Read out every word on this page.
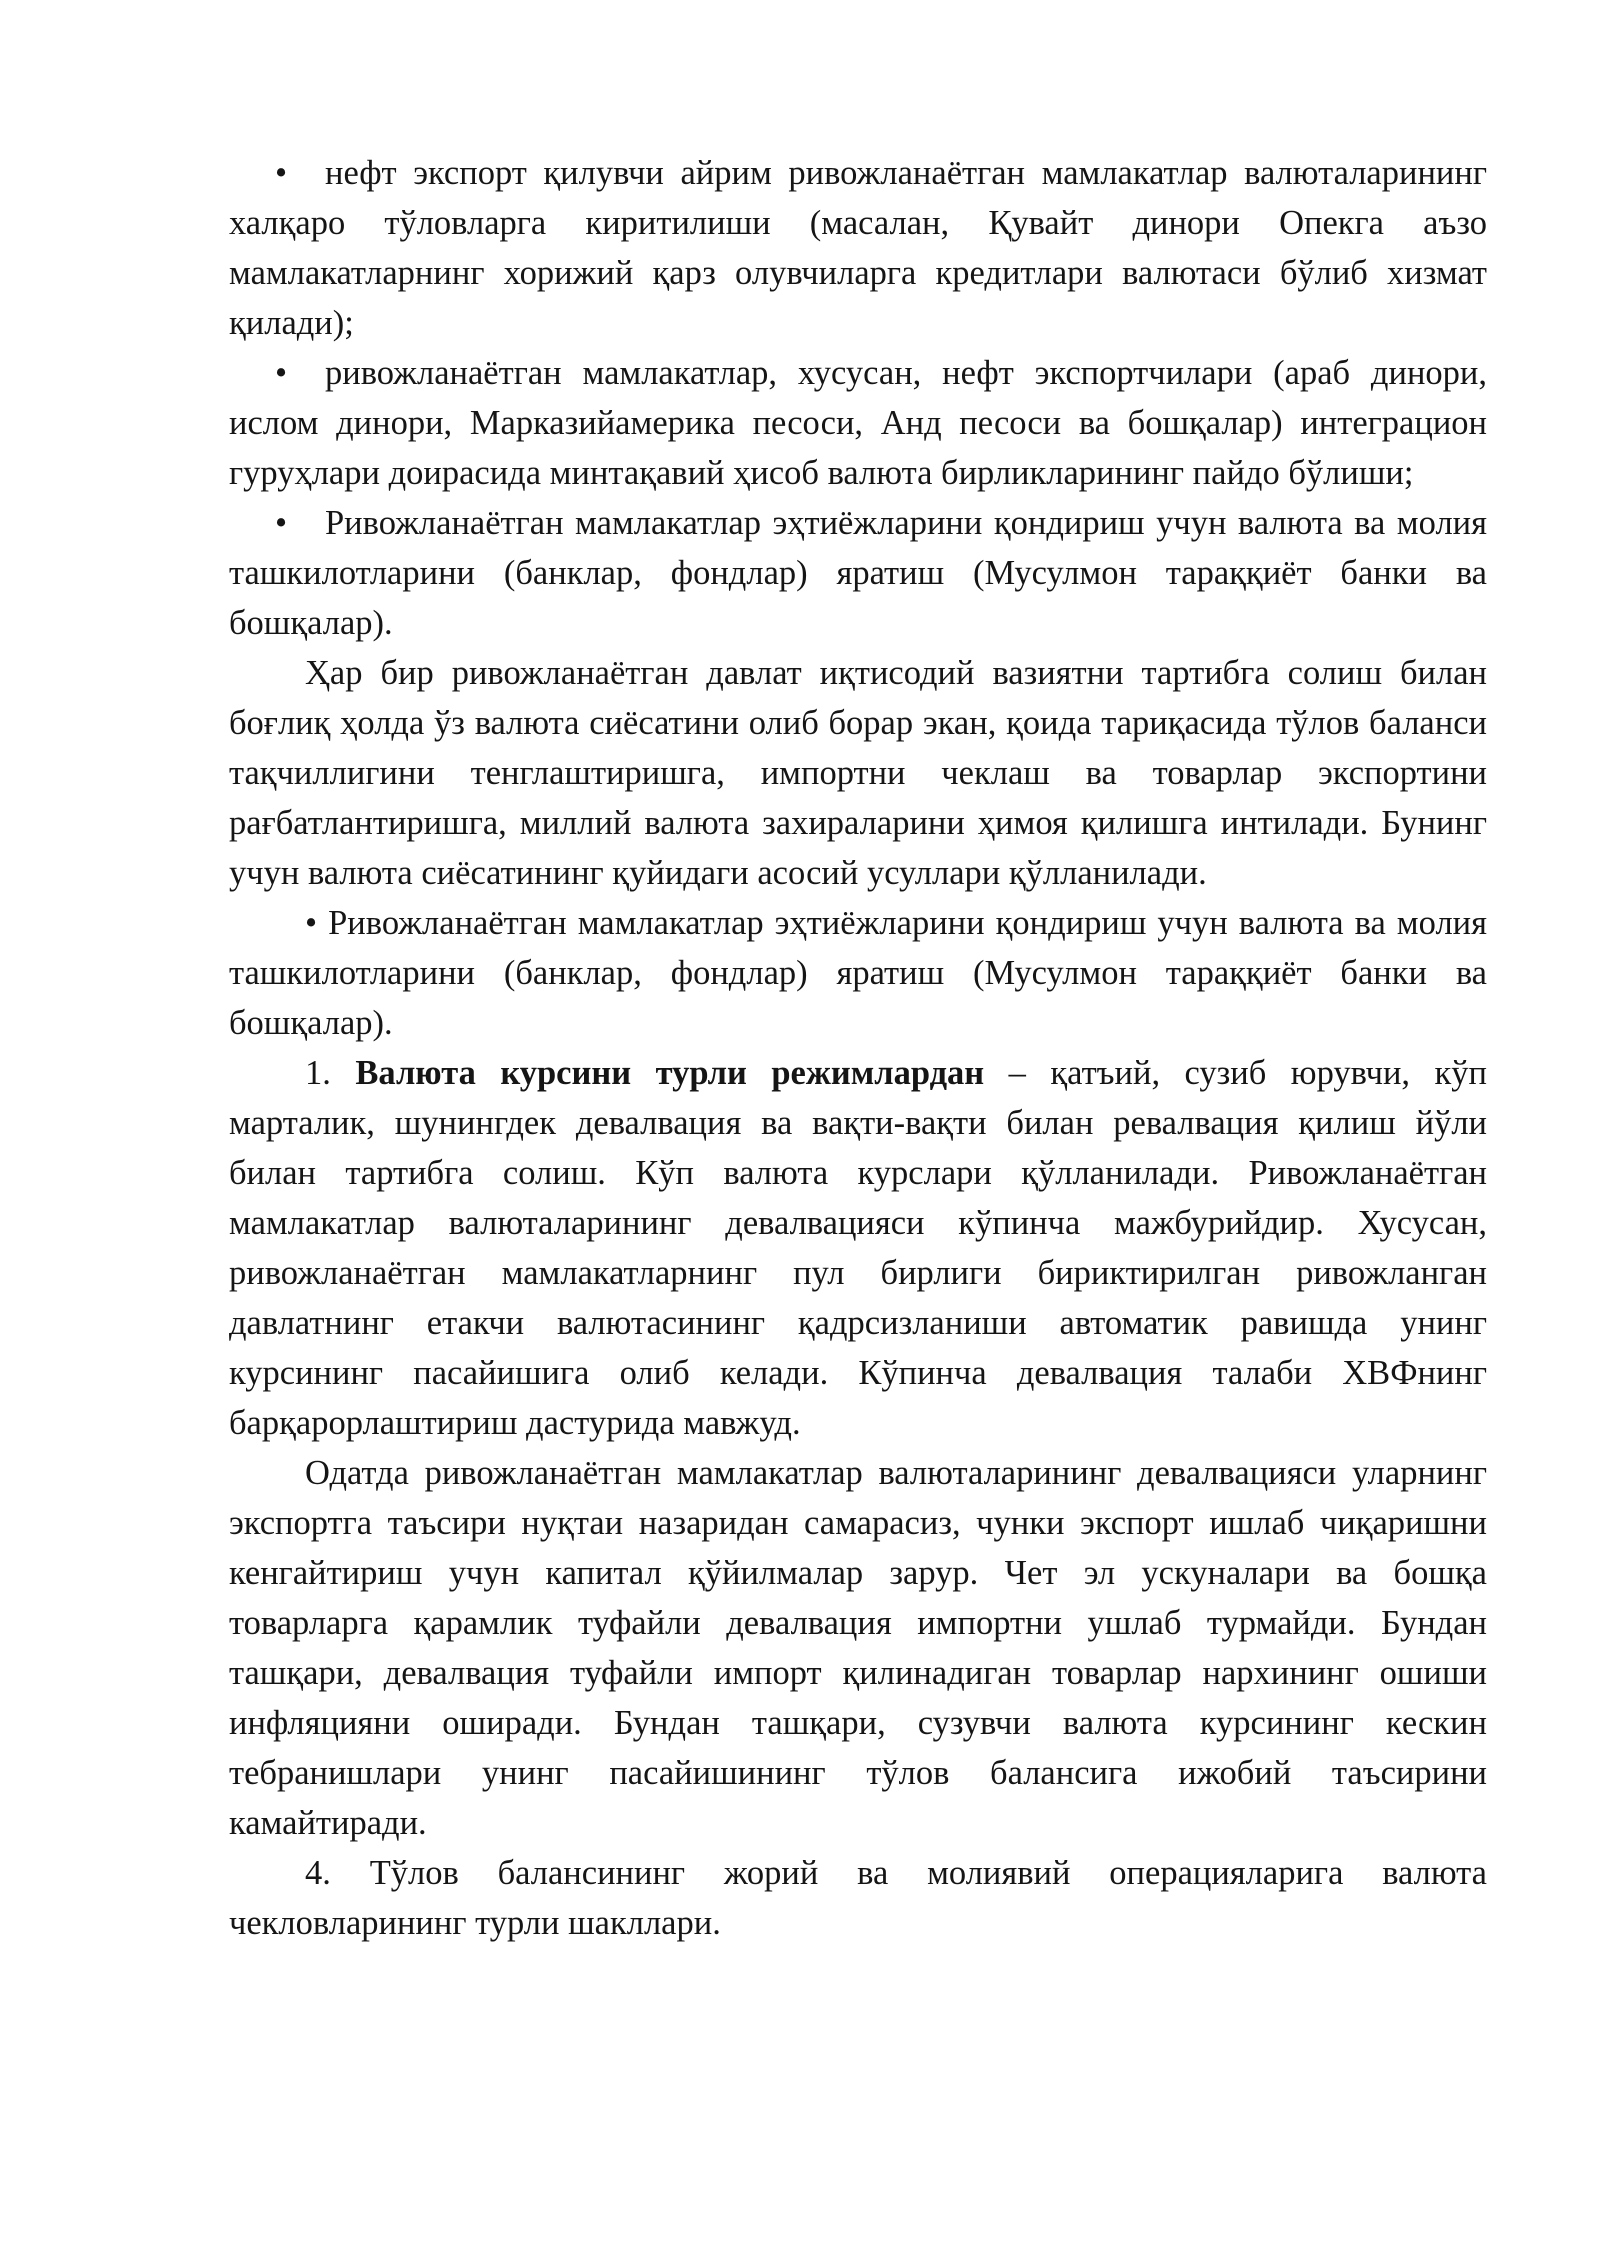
• нефт экспорт қилувчи айрим ривожланаётган мамлакатлар валюталарининг халқаро тўловларга киритилиши (масалан, Қувайт динори Опекга аъзо мамлакатларнинг хорижий қарз олувчиларга кредитлари валютаси бўлиб хизмат қилади);

• ривожланаётган мамлакатлар, хусусан, нефт экспортчилари (араб динори, ислом динори, Марказийамерика песоси, Анд песоси ва бошқалар) интеграцион гуруҳлари доирасида минтақавий ҳисоб валюта бирликларининг пайдо бўлиши;

• Ривожланаётган мамлакатлар эҳтиёжларини қондириш учун валюта ва молия ташкилотларини (банклар, фондлар) яратиш (Мусулмон тараққиёт банки ва бошқалар).

Ҳар бир ривожланаётган давлат иқтисодий вазиятни тартибга солиш билан боғлиқ ҳолда ўз валюта сиёсатини олиб борар экан, қоида тариқасида тўлов баланси тақчиллигини тенглаштиришга, импортни чеклаш ва товарлар экспортини рағбатлантиришга, миллий валюта захираларини ҳимоя қилишга интилади. Бунинг учун валюта сиёсатининг қуйидаги асосий усуллари қўлланилади.

• Ривожланаётган мамлакатлар эҳтиёжларини қондириш учун валюта ва молия ташкилотларини (банклар, фондлар) яратиш (Мусулмон тараққиёт банки ва бошқалар).

1. Валюта курсини турли режимлардан – қатъий, сузиб юрувчи, кўп марталик, шунингдек девалвация ва вақти-вақти билан ревалвация қилиш йўли билан тартибга солиш. Кўп валюта курслари қўлланилади. Ривожланаётган мамлакатлар валюталарининг девалвацияси кўпинча мажбурийдир. Хусусан, ривожланаётган мамлакатларнинг пул бирлиги бириктирилган ривожланган давлатнинг етакчи валютасининг қадрсизланиши автоматик равишда унинг курсининг пасайишига олиб келади. Кўпинча девалвация талаби ХВФнинг барқарорлаштириш дастурида мавжуд.

Одатда ривожланаётган мамлакатлар валюталарининг девалвацияси уларнинг экспортга таъсири нуқтаи назаридан самарасиз, чунки экспорт ишлаб чиқаришни кенгайтириш учун капитал қўйилмалар зарур. Чет эл ускуналари ва бошқа товарларга қарамлик туфайли девалвация импортни ушлаб турмайди. Бундан ташқари, девалвация туфайли импорт қилинадиган товарлар нархининг ошиши инфляцияни оширади. Бундан ташқари, сузувчи валюта курсининг кескин тебранишлари унинг пасайишининг тўлов балансига ижобий таъсирини камайтиради.

4. Тўлов балансининг жорий ва молиявий операцияларига валюта чекловларининг турли шакллари.
